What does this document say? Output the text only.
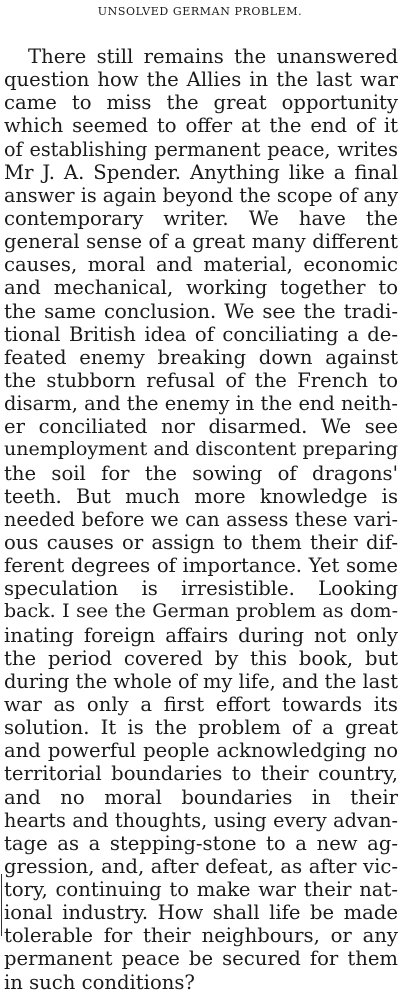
UNSOLVED GERMAN PROBLEM.
There still remains the unanswered
question how the Allies in the last war
came to miss the great opportunity
which seemed to offer at the end of it
of establishing permanent peace, writes
Mr J. A. Spender. Anything like a final
answer is again beyond the scope of any
contemporary writer. We have the
general sense of a great many different
causes, moral and material, economic
and mechanical, working together to
the same conclusion. We see the tradi-
tional British idea of conciliating a de-
feated enemy breaking down against
the stubborn refusal of the French to
disarm, and the enemy in the end neith-
er conciliated nor disarmed. We see
unemployment and discontent preparing
the soil for the sowing of dragons'
teeth. But much more knowledge is
needed before we can assess these vari-
ous causes or assign to them their dif-
ferent degrees of importance. Yet some
speculation is irresistible. Looking
back. I see the German problem as dom-
inating foreign affairs during not only
the period covered by this book, but
during the whole of my life, and the last
war as only a first effort towards its
solution. It is the problem of a great
and powerful people acknowledging no
territorial boundaries to their country,
and no moral boundaries in their
hearts and thoughts, using every advan-
tage as a stepping-stone to a new ag-
gression, and, after defeat, as after vic-
tory, continuing to make war their nat-
ional industry. How shall life be made
tolerable for their neighbours, or any
permanent peace be secured for them
in such conditions?
